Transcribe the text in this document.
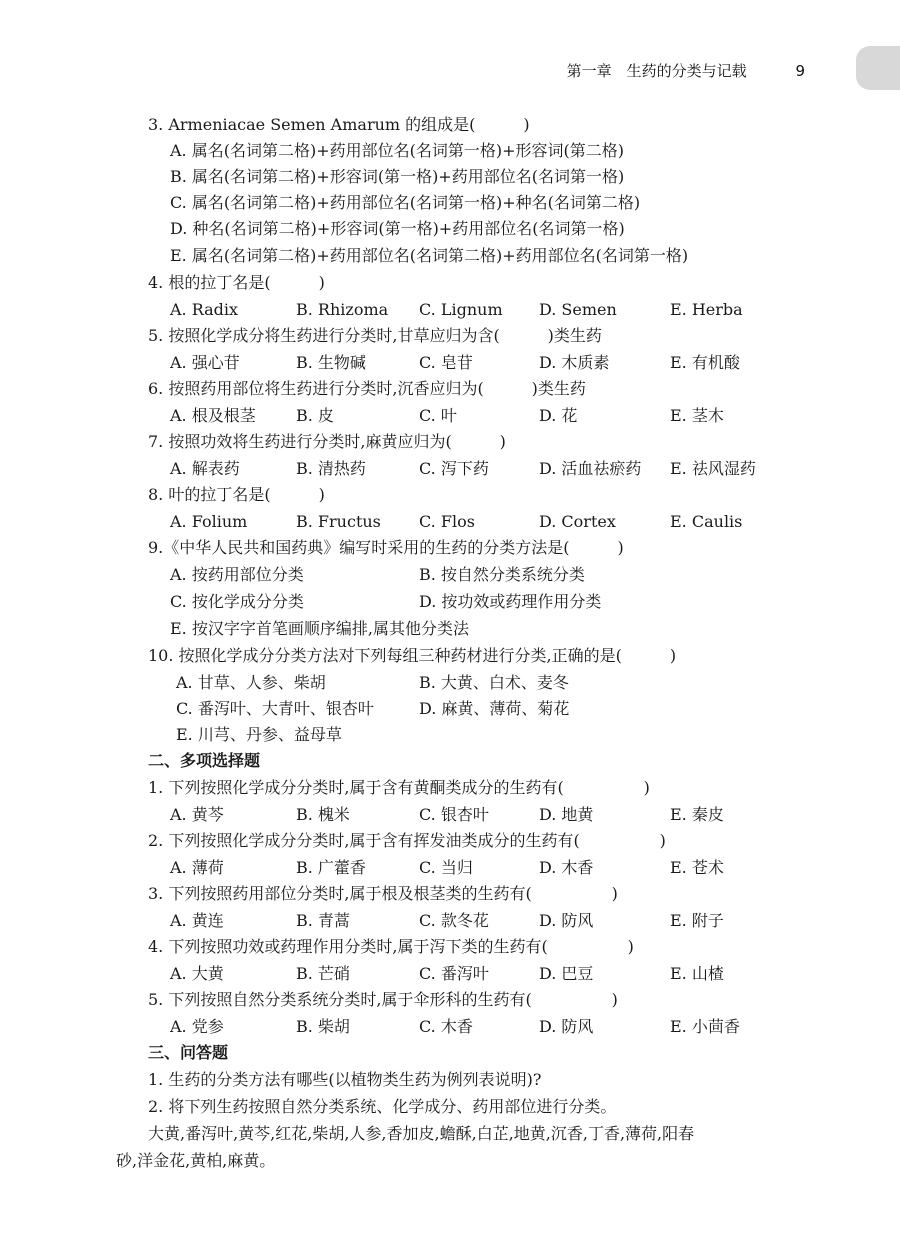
第一章　生药的分类与记载	9
3. Armeniacae Semen Amarum 的组成是(　　　)
A. 属名(名词第二格)+药用部位名(名词第一格)+形容词(第二格)
B. 属名(名词第二格)+形容词(第一格)+药用部位名(名词第一格)
C. 属名(名词第二格)+药用部位名(名词第一格)+种名(名词第二格)
D. 种名(名词第二格)+形容词(第一格)+药用部位名(名词第一格)
E. 属名(名词第二格)+药用部位名(名词第二格)+药用部位名(名词第一格)
4. 根的拉丁名是(　　　)
A. Radix	B. Rhizoma C. Lignum D. Semen	E. Herba
5. 按照化学成分将生药进行分类时,甘草应归为含(　　　)类生药
A. 强心苷	B. 生物碱	C. 皂苷	D. 木质素	E. 有机酸
6. 按照药用部位将生药进行分类时,沉香应归为(　　　)类生药
A. 根及根茎	B. 皮	C. 叶	D. 花	E. 茎木
7. 按照功效将生药进行分类时,麻黄应归为(　　　)
A. 解表药	B. 清热药	C. 泻下药	D. 活血祛瘀药 E. 祛风湿药
8. 叶的拉丁名是(　　　)
A. Folium	B. Fructus C. Flos	D. Cortex	E. Caulis
9.《中华人民共和国药典》编写时采用的生药的分类方法是(　　　)
A. 按药用部位分类	B. 按自然分类系统分类
C. 按化学成分分类	D. 按功效或药理作用分类
E. 按汉字字首笔画顺序编排,属其他分类法
10. 按照化学成分分类方法对下列每组三种药材进行分类,正确的是(　　　)
A. 甘草、人参、柴胡	B. 大黄、白术、麦冬
C. 番泻叶、大青叶、银杏叶	D. 麻黄、薄荷、菊花
E. 川芎、丹参、益母草
二、多项选择题
1. 下列按照化学成分分类时,属于含有黄酮类成分的生药有(　　　　　)
A. 黄芩	B. 槐米	C. 银杏叶	D. 地黄	E. 秦皮
2. 下列按照化学成分分类时,属于含有挥发油类成分的生药有(　　　　　)
A. 薄荷	B. 广藿香	C. 当归	D. 木香	E. 苍术
3. 下列按照药用部位分类时,属于根及根茎类的生药有(　　　　　)
A. 黄连	B. 青蒿	C. 款冬花	D. 防风	E. 附子
4. 下列按照功效或药理作用分类时,属于泻下类的生药有(　　　　　)
A. 大黄	B. 芒硝	C. 番泻叶	D. 巴豆	E. 山楂
5. 下列按照自然分类系统分类时,属于伞形科的生药有(　　　　　)
A. 党参	B. 柴胡	C. 木香	D. 防风	E. 小茴香
三、问答题
1. 生药的分类方法有哪些(以植物类生药为例列表说明)?
2. 将下列生药按照自然分类系统、化学成分、药用部位进行分类。
大黄,番泻叶,黄芩,红花,柴胡,人参,香加皮,蟾酥,白芷,地黄,沉香,丁香,薄荷,阳春
砂,洋金花,黄柏,麻黄。
